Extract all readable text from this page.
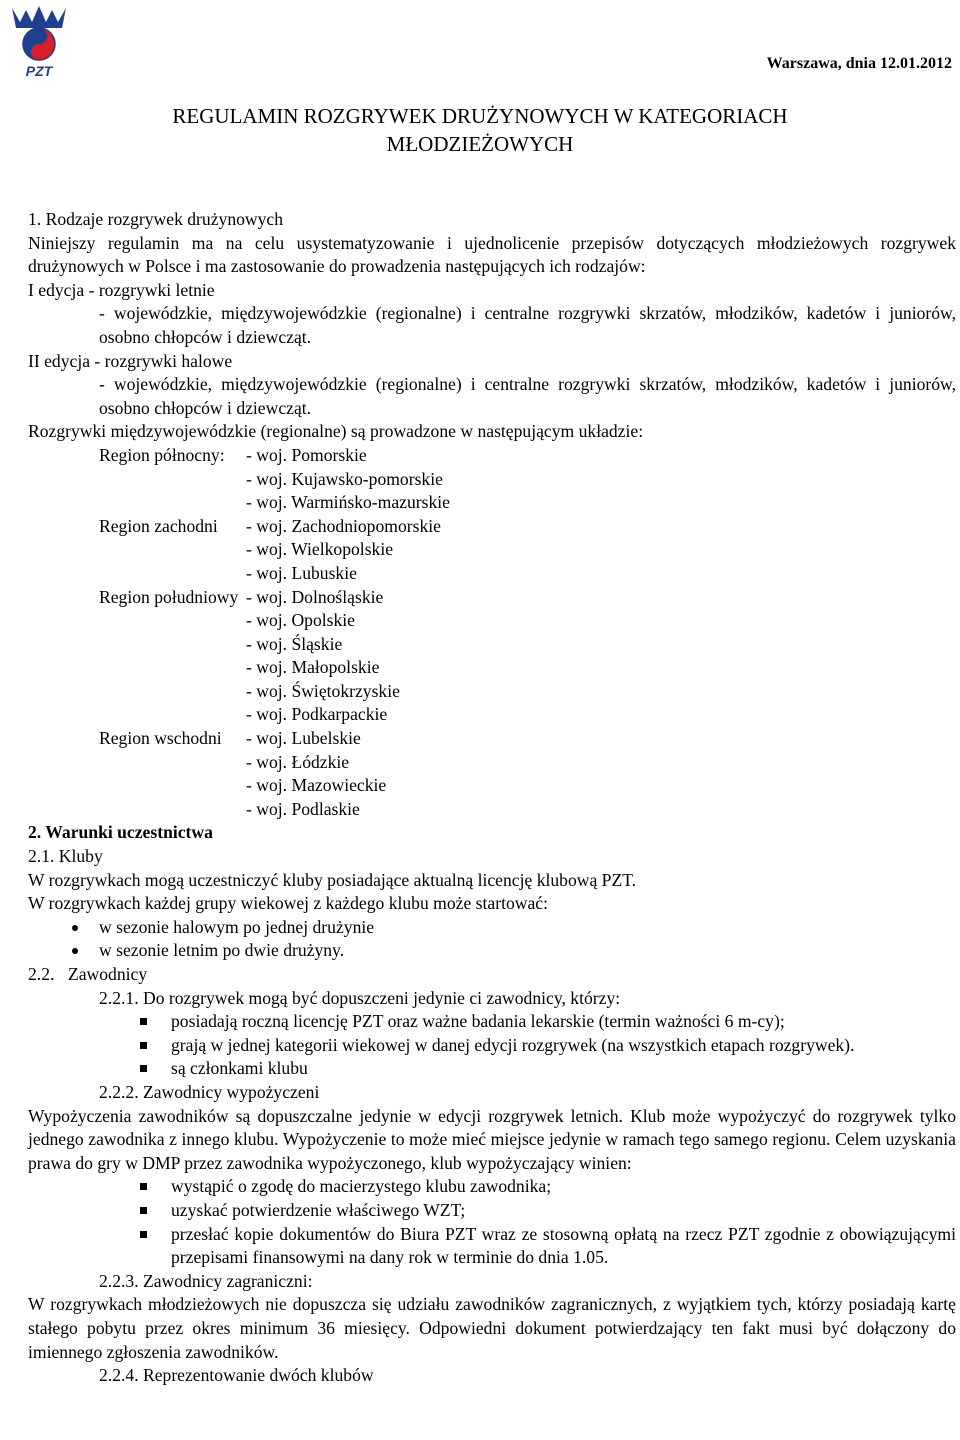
PZT	Warszawa, dnia 12.01.2012
REGULAMIN ROZGRYWEK DRUŻYNOWYCH W KATEGORIACH
MŁODZIEŻOWYCH

1. Rodzaje rozgrywek drużynowych

Niniejszy regulamin ma na celu usystematyzowanie i ujednolicenie przepisów dotyczących młodzieżowych rozgrywek drużynowych w Polsce i ma zastosowanie do prowadzenia następujących ich rodzajów:

I edycja - rozgrywki letnie

- wojewódzkie, międzywojewódzkie (regionalne) i centralne rozgrywki skrzatów, młodzików, kadetów i juniorów, osobno chłopców i dziewcząt.

II edycja - rozgrywki halowe

- wojewódzkie, międzywojewódzkie (regionalne) i centralne rozgrywki skrzatów, młodzików, kadetów i juniorów, osobno chłopców i dziewcząt.

Rozgrywki międzywojewódzkie (regionalne) są prowadzone w następującym układzie:

Region północny:	- woj. Pomorskie
- woj. Kujawsko-pomorskie
- woj. Warmińsko-mazurskie
Region zachodni	- woj. Zachodniopomorskie
- woj. Wielkopolskie
- woj. Lubuskie
Region południowy - woj. Dolnośląskie
- woj. Opolskie
- woj. Śląskie
- woj. Małopolskie
- woj. Świętokrzyskie
- woj. Podkarpackie
Region wschodni	- woj. Lubelskie
- woj. Łódzkie
- woj. Mazowieckie
- woj. Podlaskie

2. Warunki uczestnictwa

2.1. Kluby

W rozgrywkach mogą uczestniczyć kluby posiadające aktualną licencję klubową PZT.

W rozgrywkach każdej grupy wiekowej z każdego klubu może startować:

w sezonie halowym po jednej drużynie
w sezonie letnim po dwie drużyny.

2.2. Zawodnicy

2.2.1. Do rozgrywek mogą być dopuszczeni jedynie ci zawodnicy, którzy:

posiadają roczną licencję PZT oraz ważne badania lekarskie (termin ważności 6 m-cy);
grają w jednej kategorii wiekowej w danej edycji rozgrywek (na wszystkich etapach rozgrywek).
są członkami klubu

2.2.2. Zawodnicy wypożyczeni

Wypożyczenia zawodników są dopuszczalne jedynie w edycji rozgrywek letnich. Klub może wypożyczyć do rozgrywek tylko jednego zawodnika z innego klubu. Wypożyczenie to może mieć miejsce jedynie w ramach tego samego regionu. Celem uzyskania prawa do gry w DMP przez zawodnika wypożyczonego, klub wypożyczający winien:

wystąpić o zgodę do macierzystego klubu zawodnika;
uzyskać potwierdzenie właściwego WZT;
przesłać kopie dokumentów do Biura PZT wraz ze stosowną opłatą na rzecz PZT zgodnie z obowiązującymi przepisami finansowymi na dany rok w terminie do dnia 1.05.

2.2.3. Zawodnicy zagraniczni:

W rozgrywkach młodzieżowych nie dopuszcza się udziału zawodników zagranicznych, z wyjątkiem tych, którzy posiadają kartę stałego pobytu przez okres minimum 36 miesięcy. Odpowiedni dokument potwierdzający ten fakt musi być dołączony do imiennego zgłoszenia zawodników.

2.2.4. Reprezentowanie dwóch klubów
